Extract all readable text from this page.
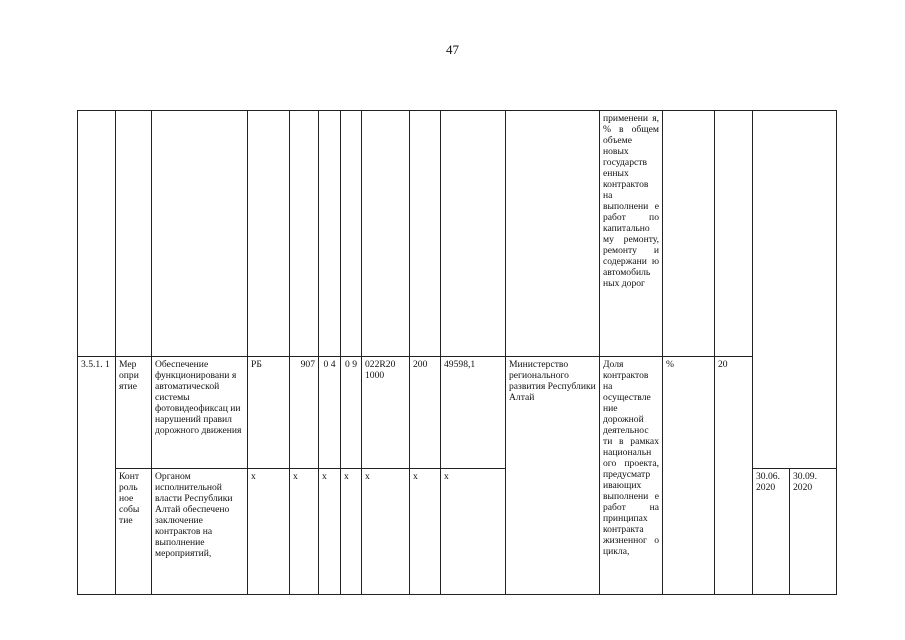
47
											применени я, % в общем объеме новых государств енных контрактов на выполнени е работ по капитально му ремонту, ремонту и содержани ю автомобиль ных дорог				
3.5.1. 1	Мер опри ятие	Обеспечение функционировани я автоматической системы фотовидеофиксац ии нарушений правил дорожного движения	РБ	907	0 4	0 9	022R20 1000	200	49598,1	Министерство регионального развития Республики Алтай	Доля контрактов на осуществле ние дорожной деятельнос ти в рамках национальн ого проекта, предусматр ивающих выполнени е работ на принципах контракта жизненног о цикла,	%	20		
	Конт роль ное собы тие	Органом исполнительной власти Республики Алтай обеспечено заключение контрактов на выполнение мероприятий,	х	х	х	х	х	х	х					30.06. 2020	30.09. 2020
